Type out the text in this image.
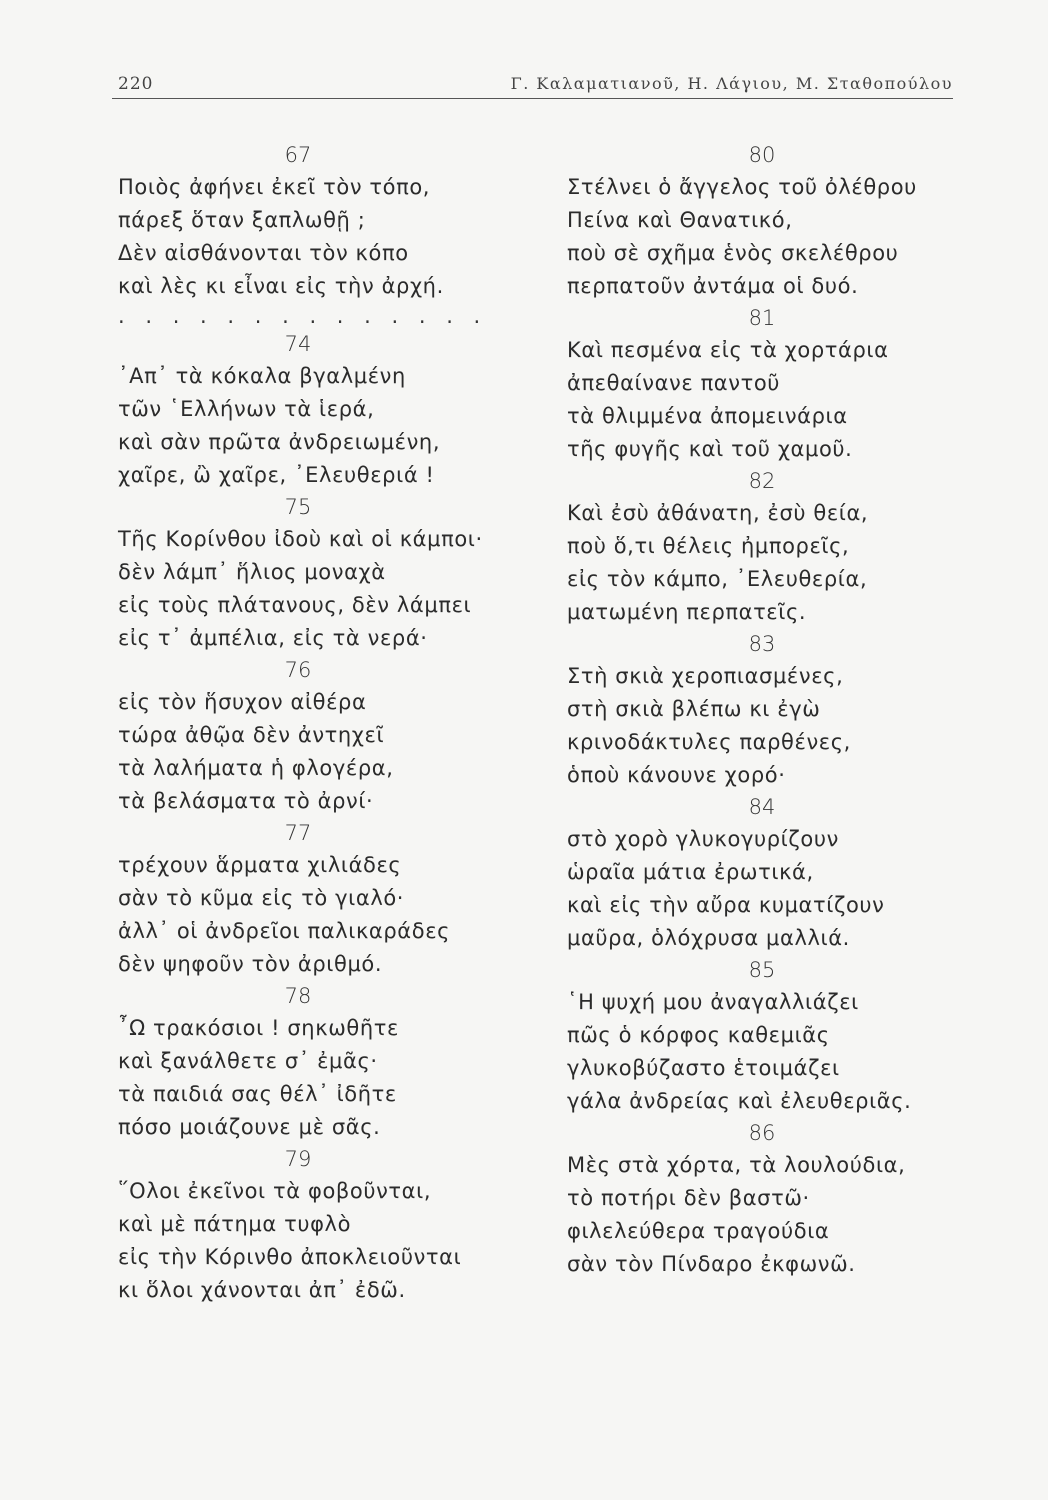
220	Γ. Καλαματιανοῦ, Η. Λάγιου, Μ. Σταθοπούλου
67
Ποιὸς ἀφήνει ἐκεῖ τὸν τόπο,
πάρεξ ὅταν ξαπλωθῇ ;
Δὲν αἰσθάνονται τὸν κόπο
καὶ λὲς κι εἶναι εἰς τὴν ἀρχή.
. . . . . . . . . . . . . .
74
᾿Απ᾿ τὰ κόκαλα βγαλμένη
τῶν ῾Ελλήνων τὰ ἱερά,
καὶ σὰν πρῶτα ἀνδρειωμένη,
χαῖρε, ὢ χαῖρε, ᾿Ελευθεριά !
75
Τῆς Κορίνθου ἰδοὺ καὶ οἱ κάμποι·
δὲν λάμπ᾿ ἥλιος μοναχὰ
εἰς τοὺς πλάτανους, δὲν λάμπει
εἰς τ᾿ ἀμπέλια, εἰς τὰ νερά·
76
εἰς τὸν ἥσυχον αἰθέρα
τώρα ἀθῷα δὲν ἀντηχεῖ
τὰ λαλήματα ἡ φλογέρα,
τὰ βελάσματα τὸ ἀρνί·
77
τρέχουν ἅρματα χιλιάδες
σὰν τὸ κῦμα εἰς τὸ γιαλό·
ἀλλ᾿ οἱ ἀνδρεῖοι παλικαράδες
δὲν ψηφοῦν τὸν ἀριθμό.
78
῏Ω τρακόσιοι ! σηκωθῆτε
καὶ ξανάλθετε σ᾿ ἐμᾶς·
τὰ παιδιά σας θέλ᾿ ἰδῆτε
πόσο μοιάζουνε μὲ σᾶς.
79
῞Ολοι ἐκεῖνοι τὰ φοβοῦνται,
καὶ μὲ πάτημα τυφλὸ
εἰς τὴν Κόρινθο ἀποκλειοῦνται
κι ὅλοι χάνονται ἀπ᾿ ἐδῶ.
80
Στέλνει ὁ ἄγγελος τοῦ ὀλέθρου
Πείνα καὶ Θανατικό,
ποὺ σὲ σχῆμα ἑνὸς σκελέθρου
περπατοῦν ἀντάμα οἱ δυό.
81
Καὶ πεσμένα εἰς τὰ χορτάρια
ἀπεθαίνανε παντοῦ
τὰ θλιμμένα ἀπομεινάρια
τῆς φυγῆς καὶ τοῦ χαμοῦ.
82
Καὶ ἐσὺ ἀθάνατη, ἐσὺ θεία,
ποὺ ὅ,τι θέλεις ἠμπορεῖς,
εἰς τὸν κάμπο, ᾿Ελευθερία,
ματωμένη περπατεῖς.
83
Στὴ σκιὰ χεροπιασμένες,
στὴ σκιὰ βλέπω κι ἐγὼ
κρινοδάκτυλες παρθένες,
ὁποὺ κάνουνε χορό·
84
στὸ χορὸ γλυκογυρίζουν
ὡραῖα μάτια ἐρωτικά,
καὶ εἰς τὴν αὔρα κυματίζουν
μαῦρα, ὁλόχρυσα μαλλιά.
85
῾Η ψυχή μου ἀναγαλλιάζει
πῶς ὁ κόρφος καθεμιᾶς
γλυκοβύζαστο ἑτοιμάζει
γάλα ἀνδρείας καὶ ἐλευθεριᾶς.
86
Μὲς στὰ χόρτα, τὰ λουλούδια,
τὸ ποτήρι δὲν βαστῶ·
φιλελεύθερα τραγούδια
σὰν τὸν Πίνδαρο ἐκφωνῶ.
